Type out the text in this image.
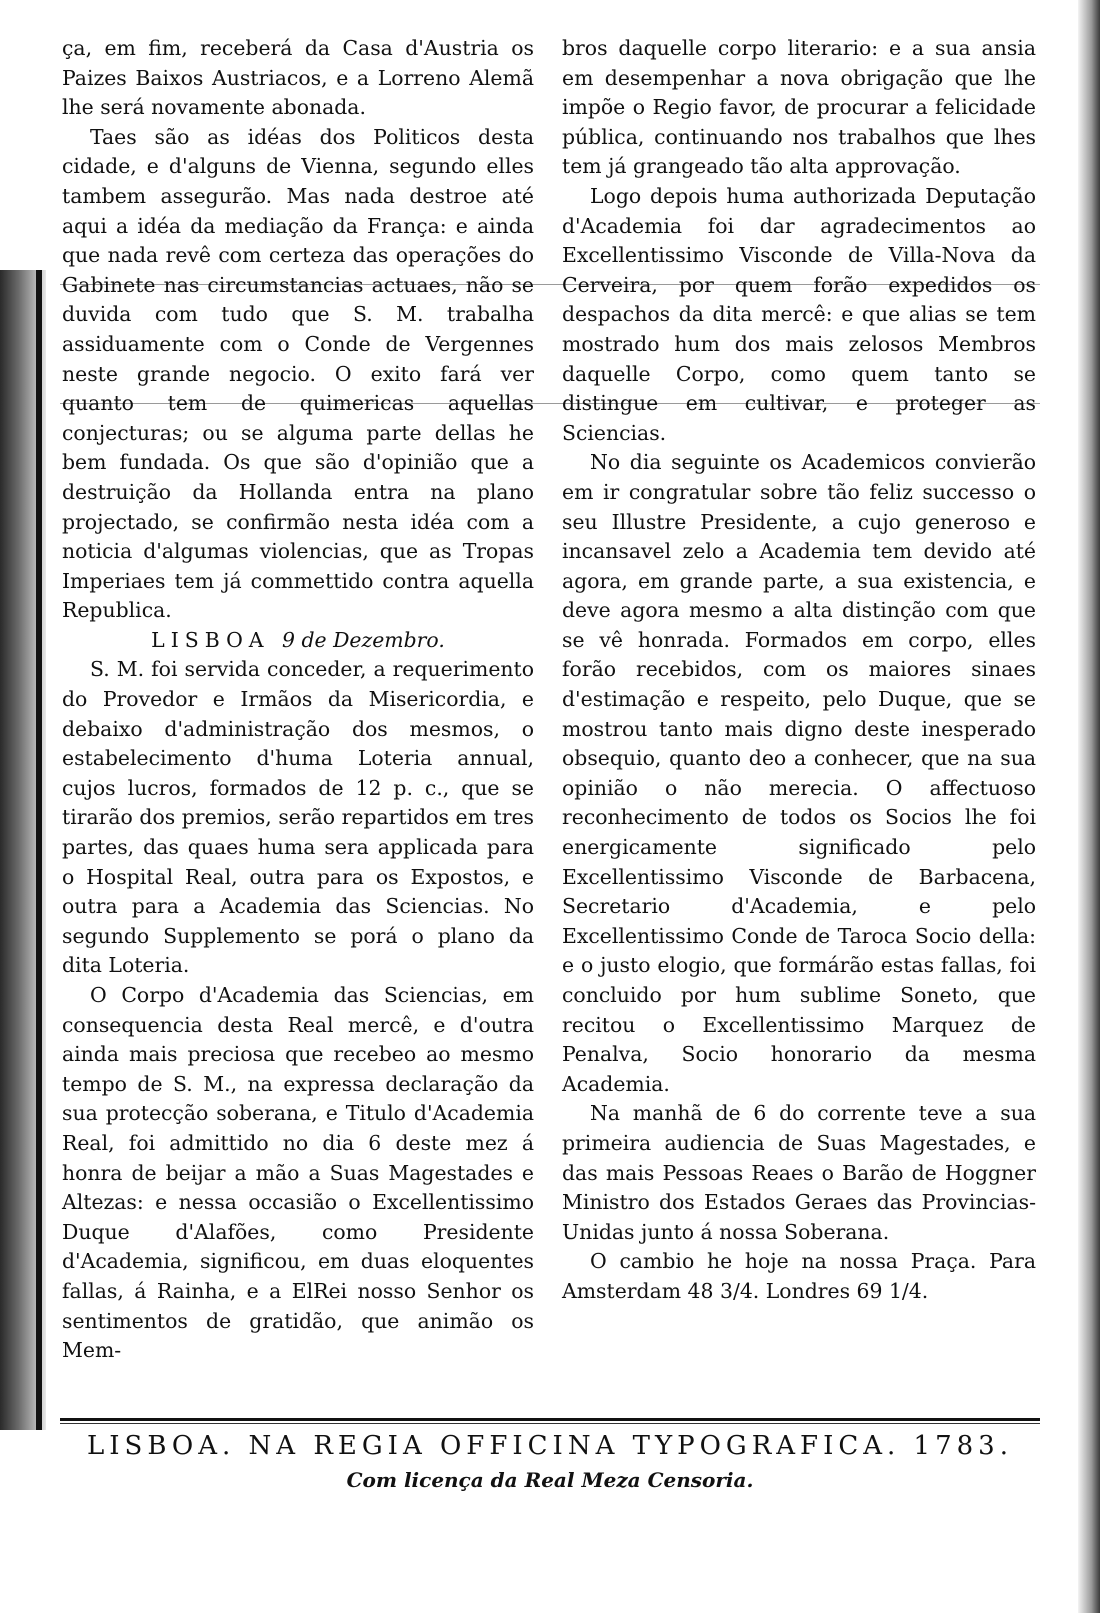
ça, em fim, receberá da Casa d'Austria os Paizes Baixos Austriacos, e a Lorreno Alemã lhe será novamente abonada.

Taes são as idéas dos Politicos desta cidade, e d'alguns de Vienna, segundo elles tambem assegurão. Mas nada destroe até aqui a idéa da mediação da França: e ainda que nada revê com certeza das operações do Gabinete nas circumstancias actuaes, não se duvida com tudo que S. M. trabalha assiduamente com o Conde de Vergennes neste grande negocio. O exito fará ver quanto tem de quimericas aquellas conjecturas; ou se alguma parte dellas he bem fundada. Os que são d'opinião que a destruição da Hollanda entra na plano projectado, se confirmão nesta idéa com a noticia d'algumas violencias, que as Tropas Imperiaes tem já commettido contra aquella Republica.

LISBOA 9 de Dezembro.

S. M. foi servida conceder, a requerimento do Provedor e Irmãos da Misericordia, e debaixo d'administração dos mesmos, o estabelecimento d'huma Loteria annual, cujos lucros, formados de 12 p. c., que se tirarão dos premios, serão repartidos em tres partes, das quaes huma sera applicada para o Hospital Real, outra para os Expostos, e outra para a Academia das Sciencias. No segundo Supplemento se porá o plano da dita Loteria.

O Corpo d'Academia das Sciencias, em consequencia desta Real mercê, e d'outra ainda mais preciosa que recebeo ao mesmo tempo de S. M., na expressa declaração da sua protecção soberana, e Titulo d'Academia Real, foi admittido no dia 6 deste mez á honra de beijar a mão a Suas Magestades e Altezas: e nessa occasião o Excellentissimo Duque d'Alafões, como Presidente d'Academia, significou, em duas eloquentes fallas, á Rainha, e a ElRei nosso Senhor os sentimentos de gratidão, que animão os Mem-

bros daquelle corpo literario: e a sua ansia em desempenhar a nova obrigação que lhe impõe o Regio favor, de procurar a felicidade pública, continuando nos trabalhos que lhes tem já grangeado tão alta approvação.

Logo depois huma authorizada Deputação d'Academia foi dar agradecimentos ao Excellentissimo Visconde de Villa-Nova da Cerveira, por quem forão expedidos os despachos da dita mercê: e que alias se tem mostrado hum dos mais zelosos Membros daquelle Corpo, como quem tanto se distingue em cultivar, e proteger as Sciencias.

No dia seguinte os Academicos convierão em ir congratular sobre tão feliz successo o seu Illustre Presidente, a cujo generoso e incansavel zelo a Academia tem devido até agora, em grande parte, a sua existencia, e deve agora mesmo a alta distinção com que se vê honrada. Formados em corpo, elles forão recebidos, com os maiores sinaes d'estimação e respeito, pelo Duque, que se mostrou tanto mais digno deste inesperado obsequio, quanto deo a conhecer, que na sua opinião o não merecia. O affectuoso reconhecimento de todos os Socios lhe foi energicamente significado pelo Excellentissimo Visconde de Barbacena, Secretario d'Academia, e pelo Excellentissimo Conde de Taroca Socio della: e o justo elogio, que formárão estas fallas, foi concluido por hum sublime Soneto, que recitou o Excellentissimo Marquez de Penalva, Socio honorario da mesma Academia.

Na manhã de 6 do corrente teve a sua primeira audiencia de Suas Magestades, e das mais Pessoas Reaes o Barão de Hoggner Ministro dos Estados Geraes das Provincias-Unidas junto á nossa Soberana.

O cambio he hoje na nossa Praça. Para Amsterdam 48 3/4. Londres 69 1/4.

LISBOA. NA REGIA OFFICINA TYPOGRAFICA. 1783.
Com licença da Real Meza Censoria.
